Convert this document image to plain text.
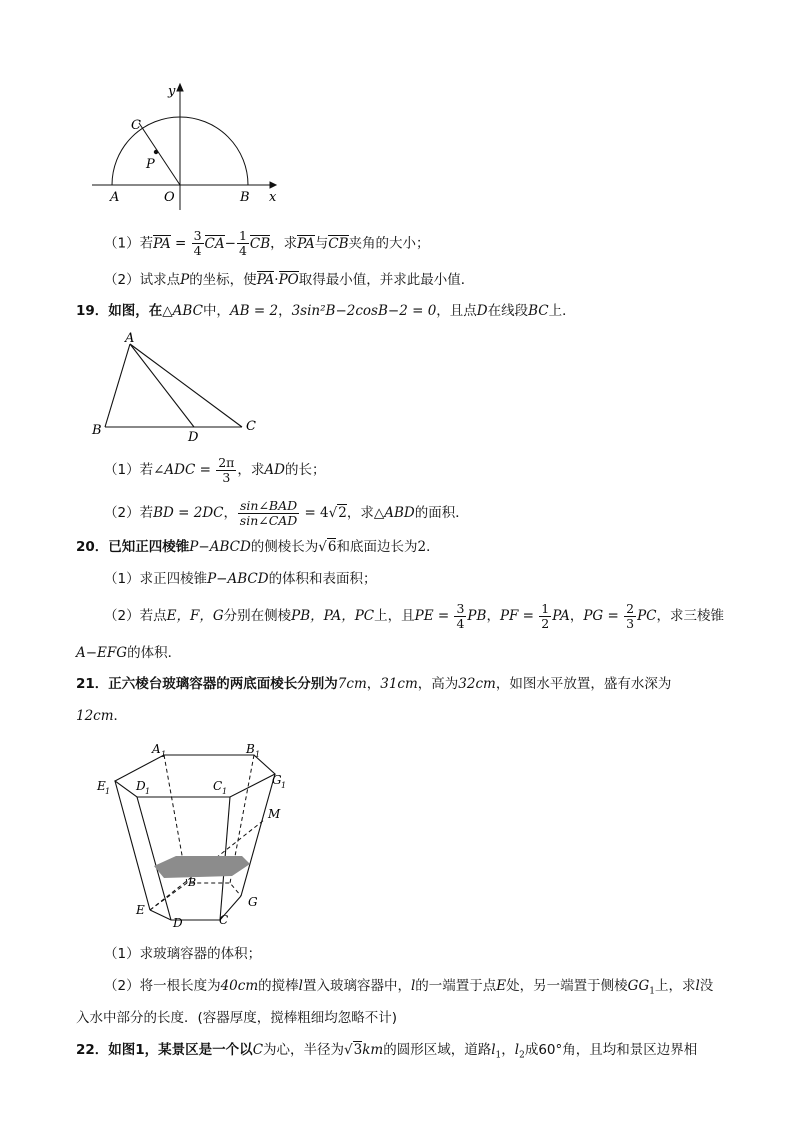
y
C
P
A	O	B x
（1）若PA = $\frac{3}{4} CA- \frac{1}{4}$ CB，求PA与CB夹角的大小；
（2）试求点P的坐标，使PA·PO取得最小值，并求此最小值．
19．如图，在△ABC中，AB = 2，3sin²B−2cosB−2 = 0，且点D在线段BC上．
A
B	D
C
（1）若∠ADC = $\frac{2\pi}{3}$ ，求AD的长；
（2）若BD = 2DC， $\frac{\text{sin∠BAD}}{\text{sin∠CAD}} = 4√2$，求△ABD的面积．
20．已知正四棱锥P−ABCD的侧棱长为√6和底面边长为2．
（1）求正四棱锥P−ABCD的体积和表面积；
（2）若点E，F，G分别在侧棱PB，PA，PC上，且PE = $\frac{3}{4}$ PB，PF = $\frac{1}{2}$ PA，PG = $\frac{2}{3}$ PC，求三棱锥
A−EFG的体积．
21．正六棱台玻璃容器的两底面棱长分别为7cm，31cm，高为32cm，如图水平放置，盛有水深为
12cm．
A 1	B 1
E 1 D 1	C 1
G 1
M
B
E
D	C
G
（1）求玻璃容器的体积；
（2）将一根长度为40cm的搅棒l置入玻璃容器中，l的一端置于点E处，另一端置于侧棱$GG_1$上，求l没
入水中部分的长度．(容器厚度，搅棒粗细均忽略不计)
22．如图1，某景区是一个以C为心，半径为√3km的圆形区域，道路$l_1$，$l_2$成60°角，且均和景区边界相
